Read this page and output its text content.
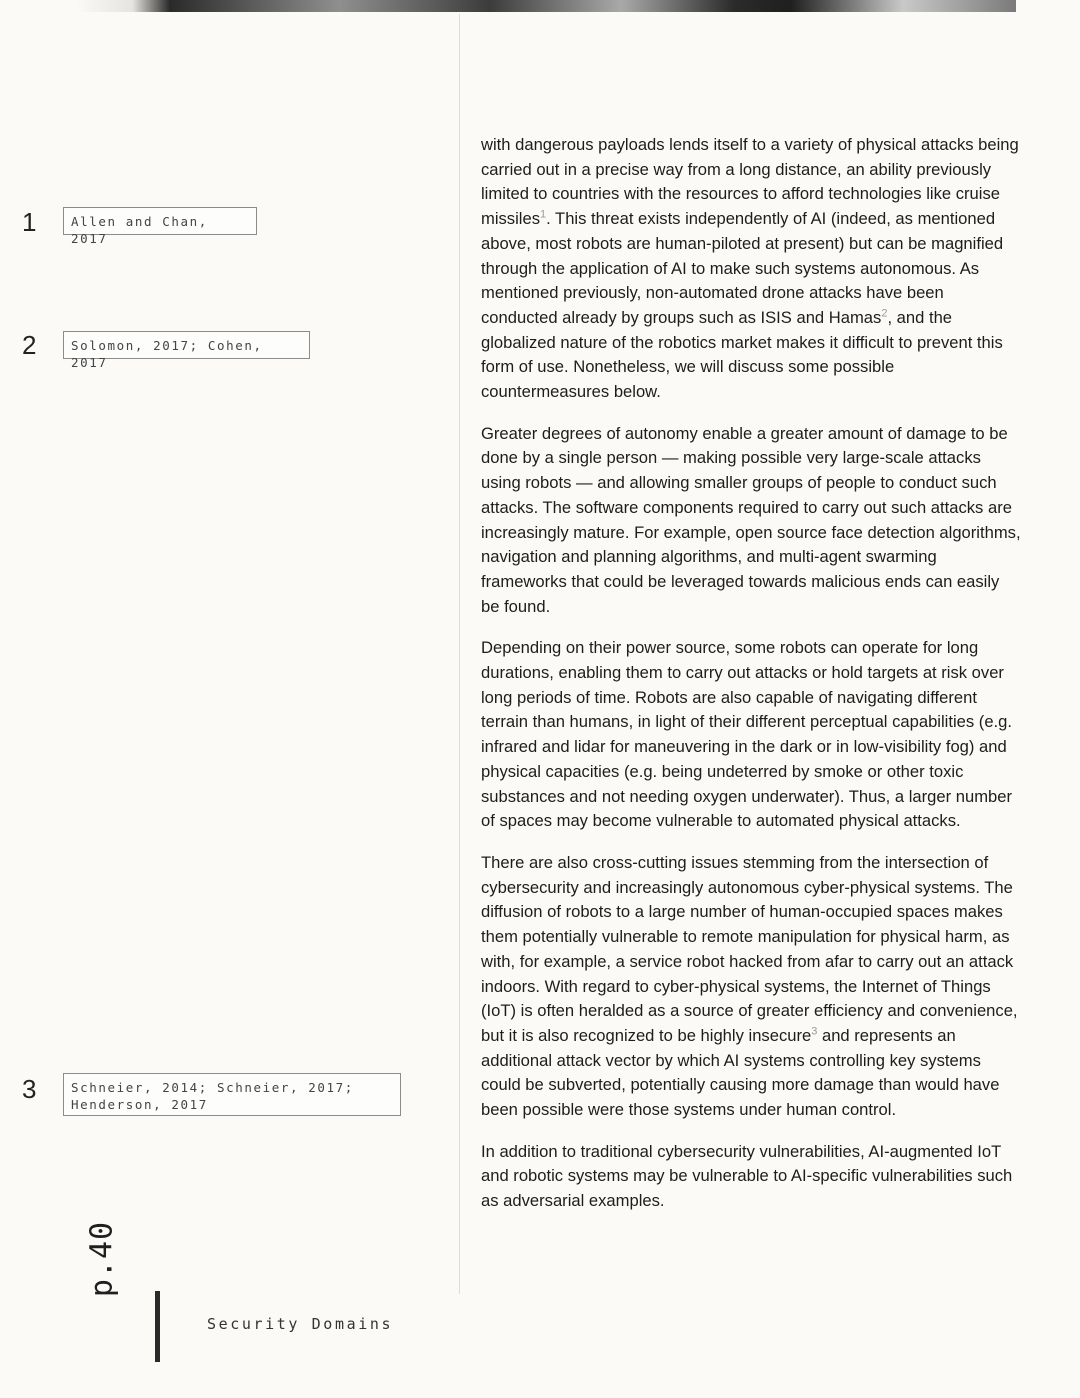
1	Allen and Chan, 2017
2	Solomon, 2017; Cohen, 2017
3	Schneier, 2014; Schneier, 2017;
Henderson, 2017
p.40
Security Domains

with dangerous payloads lends itself to a variety of physical attacks being carried out in a precise way from a long distance, an ability previously limited to countries with the resources to afford technologies like cruise missiles$^1$. This threat exists independently of AI (indeed, as mentioned above, most robots are human-piloted at present) but can be magnified through the application of AI to make such systems autonomous. As mentioned previously, non-automated drone attacks have been conducted already by groups such as ISIS and Hamas$^2$, and the globalized nature of the robotics market makes it difficult to prevent this form of use. Nonetheless, we will discuss some possible countermeasures below.

Greater degrees of autonomy enable a greater amount of damage to be done by a single person — making possible very large-scale attacks using robots — and allowing smaller groups of people to conduct such attacks. The software components required to carry out such attacks are increasingly mature. For example, open source face detection algorithms, navigation and planning algorithms, and multi-agent swarming frameworks that could be leveraged towards malicious ends can easily be found.

Depending on their power source, some robots can operate for long durations, enabling them to carry out attacks or hold targets at risk over long periods of time. Robots are also capable of navigating different terrain than humans, in light of their different perceptual capabilities (e.g. infrared and lidar for maneuvering in the dark or in low-visibility fog) and physical capacities (e.g. being undeterred by smoke or other toxic substances and not needing oxygen underwater). Thus, a larger number of spaces may become vulnerable to automated physical attacks.

There are also cross-cutting issues stemming from the intersection of cybersecurity and increasingly autonomous cyber-physical systems. The diffusion of robots to a large number of human-occupied spaces makes them potentially vulnerable to remote manipulation for physical harm, as with, for example, a service robot hacked from afar to carry out an attack indoors. With regard to cyber-physical systems, the Internet of Things (IoT) is often heralded as a source of greater efficiency and convenience, but it is also recognized to be highly insecure$^3$ and represents an additional attack vector by which AI systems controlling key systems could be subverted, potentially causing more damage than would have been possible were those systems under human control.

In addition to traditional cybersecurity vulnerabilities, AI-augmented IoT and robotic systems may be vulnerable to AI-specific vulnerabilities such as adversarial examples.
